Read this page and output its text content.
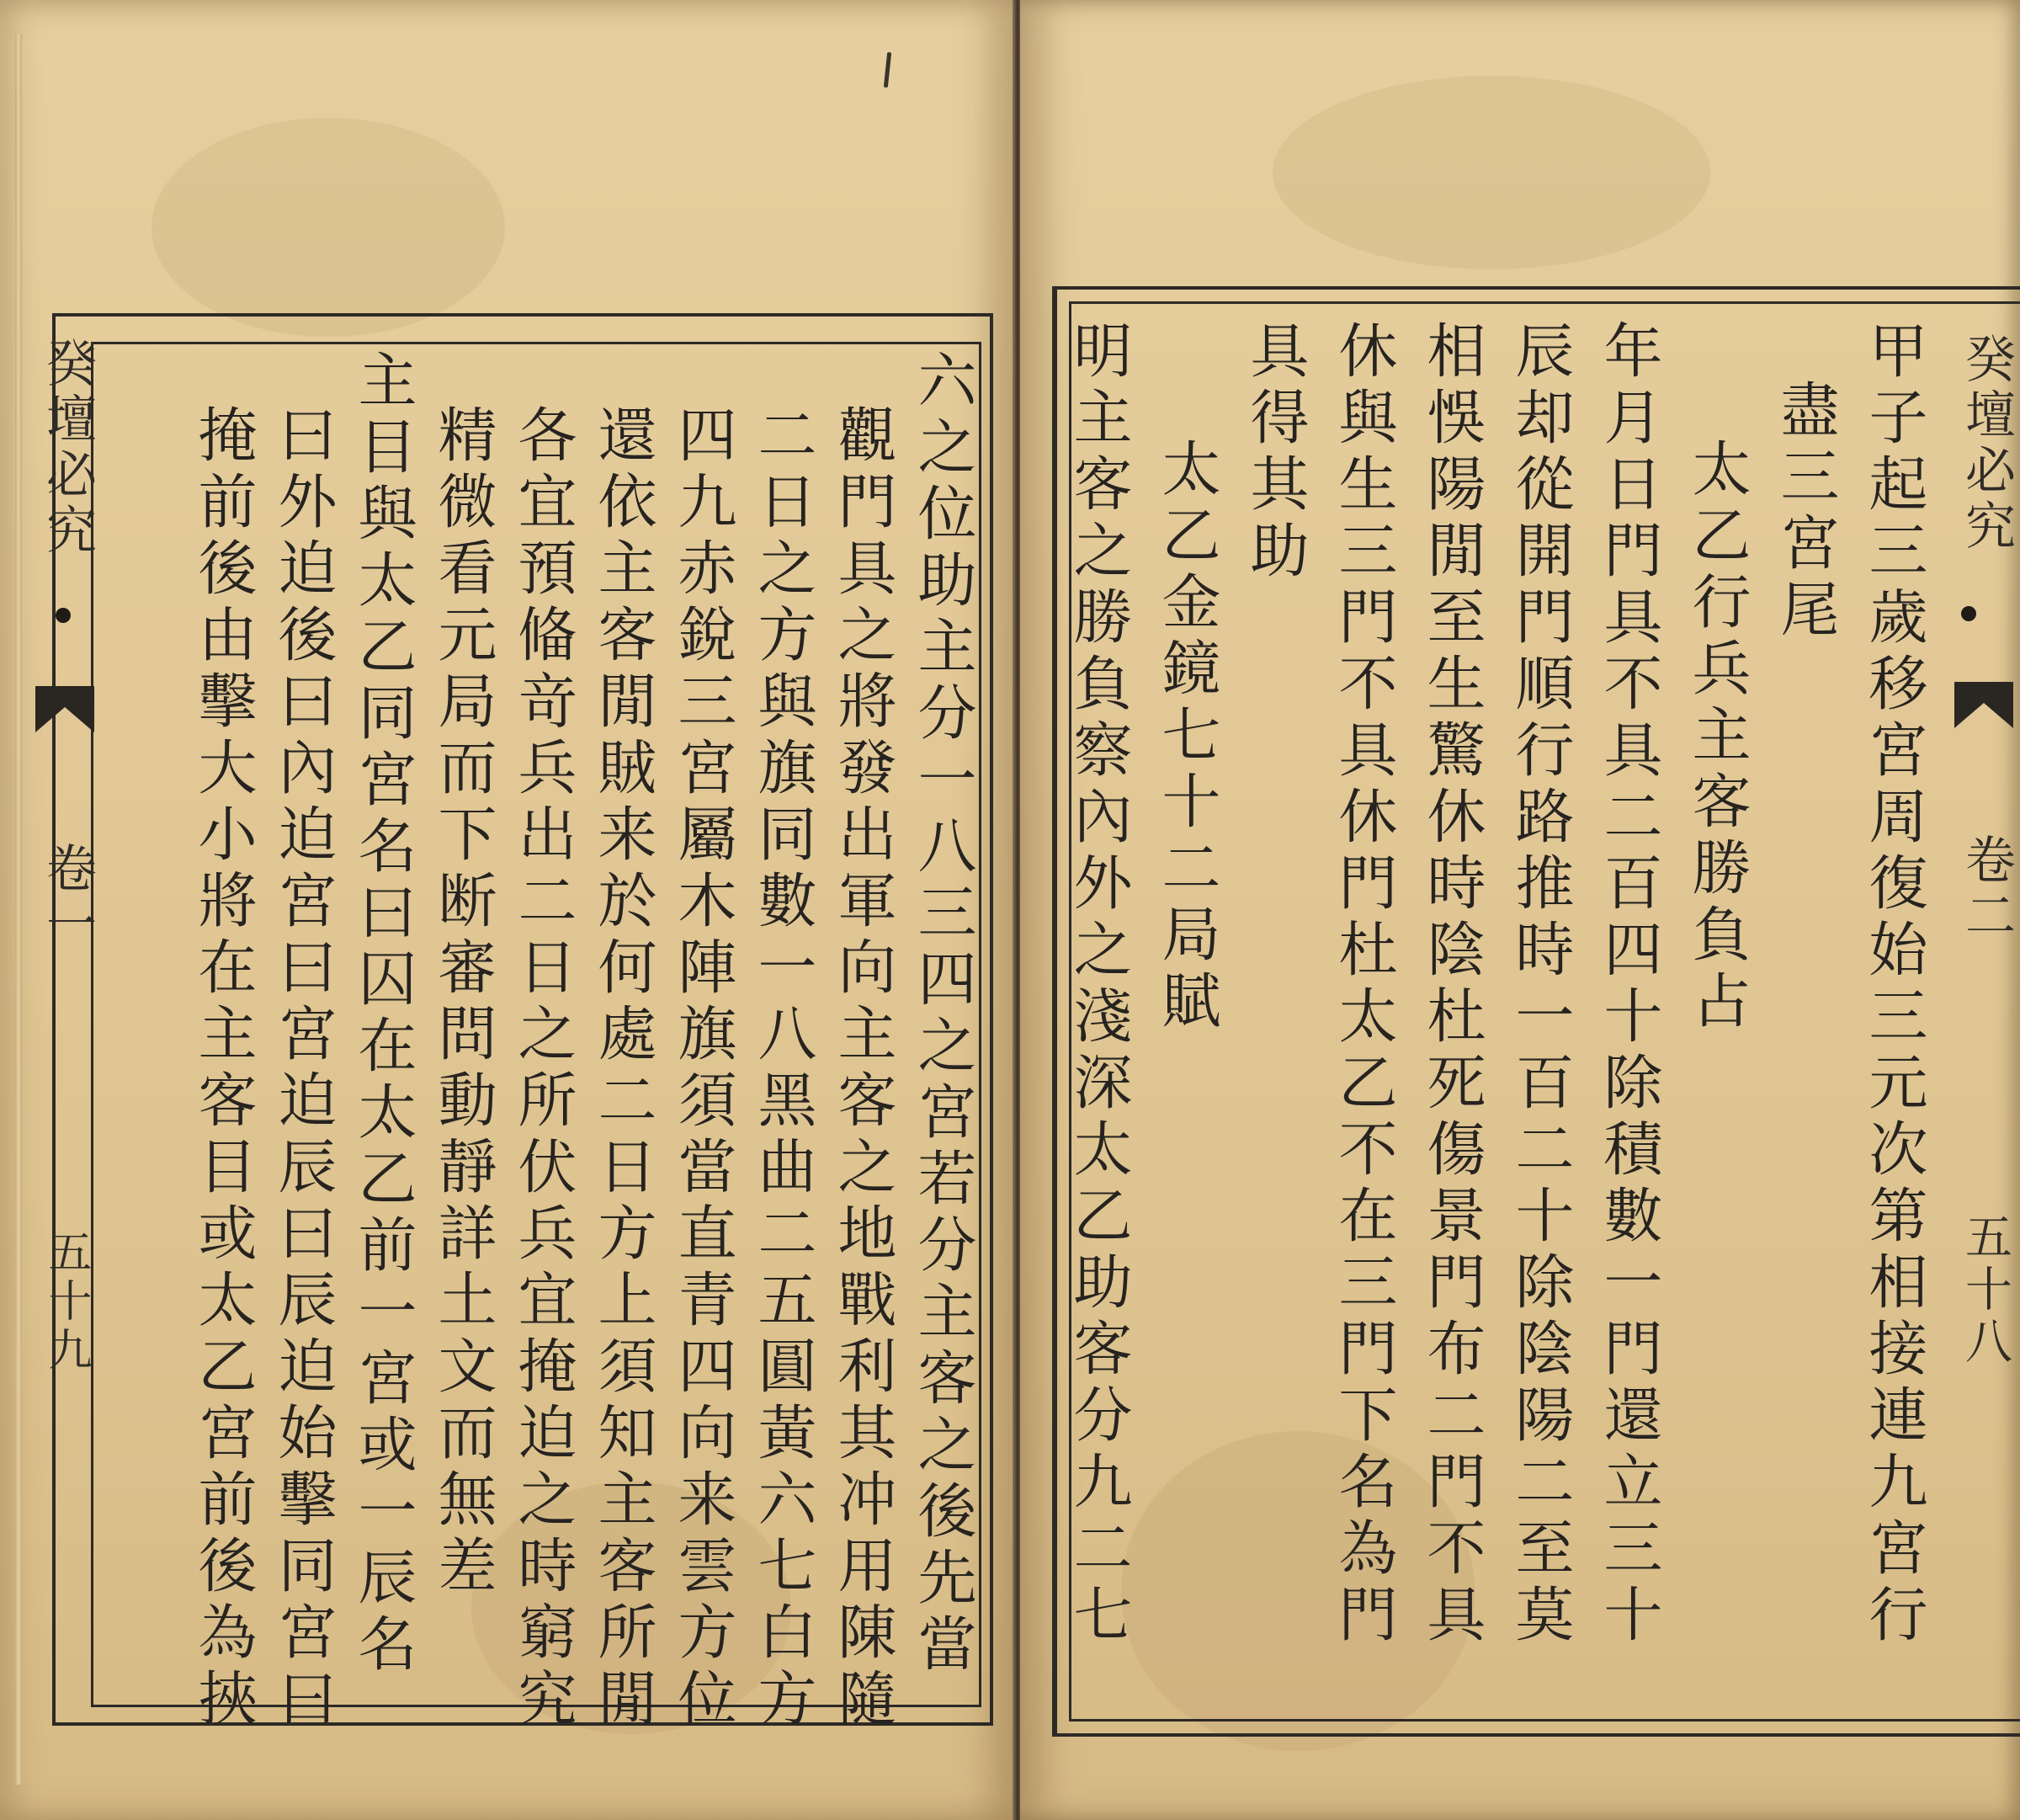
癸壇必究
卷一
五十九	六之位助主分一八三四之宮若分主客之後先當
觀門具之將發出軍向主客之地戰利其冲用陳隨
二日之方與旗同數一八黑曲二五圓黃六七白方
四九赤銳三宮屬木陣旗須當直青四向来雲方位
還依主客閒賊来於何處二日方上須知主客所閒
各宜預偹竒兵出二日之所伏兵宜掩迫之時窮究
精微看元局而下断審問動靜詳土文而無差
主目與太乙同宮名曰囚在太乙前一宮或一辰名
曰外迫後曰內迫宮曰宮迫辰曰辰迫始擊同宮曰
掩前後由擊大小將在主客目或太乙宮前後為挾	癸壇必究
卷二
五十八
甲子起三歲移宮周復始三元次第相接連九宮行
盡三宮尾
太乙行兵主客勝負占
年月日門具不具二百四十除積數一門還立三十
辰却從開門順行路推時一百二十除陰陽二至莫
相悞陽閒至生驚休時陰杜死傷景門布二門不具
休與生三門不具休門杜太乙不在三門下名為門
具得其助
太乙金鏡七十二局賦
明主客之勝負察內外之淺深太乙助客分九二七
